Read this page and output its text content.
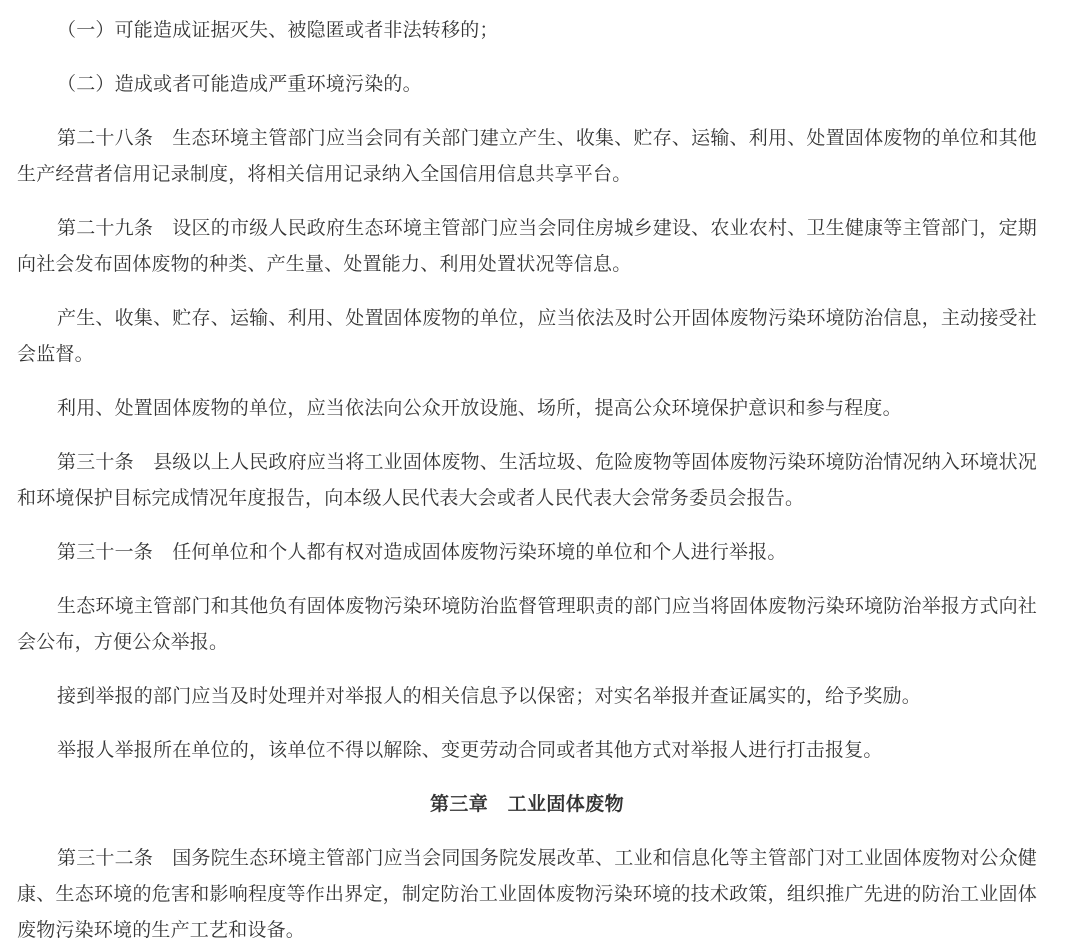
（一）可能造成证据灭失、被隐匿或者非法转移的；

（二）造成或者可能造成严重环境污染的。

第二十八条　生态环境主管部门应当会同有关部门建立产生、收集、贮存、运输、利用、处置固体废物的单位和其他生产经营者信用记录制度，将相关信用记录纳入全国信用信息共享平台。

第二十九条　设区的市级人民政府生态环境主管部门应当会同住房城乡建设、农业农村、卫生健康等主管部门，定期向社会发布固体废物的种类、产生量、处置能力、利用处置状况等信息。

产生、收集、贮存、运输、利用、处置固体废物的单位，应当依法及时公开固体废物污染环境防治信息，主动接受社会监督。

利用、处置固体废物的单位，应当依法向公众开放设施、场所，提高公众环境保护意识和参与程度。

第三十条　县级以上人民政府应当将工业固体废物、生活垃圾、危险废物等固体废物污染环境防治情况纳入环境状况和环境保护目标完成情况年度报告，向本级人民代表大会或者人民代表大会常务委员会报告。

第三十一条　任何单位和个人都有权对造成固体废物污染环境的单位和个人进行举报。

生态环境主管部门和其他负有固体废物污染环境防治监督管理职责的部门应当将固体废物污染环境防治举报方式向社会公布，方便公众举报。

接到举报的部门应当及时处理并对举报人的相关信息予以保密；对实名举报并查证属实的，给予奖励。

举报人举报所在单位的，该单位不得以解除、变更劳动合同或者其他方式对举报人进行打击报复。

第三章　工业固体废物

第三十二条　国务院生态环境主管部门应当会同国务院发展改革、工业和信息化等主管部门对工业固体废物对公众健康、生态环境的危害和影响程度等作出界定，制定防治工业固体废物污染环境的技术政策，组织推广先进的防治工业固体废物污染环境的生产工艺和设备。
